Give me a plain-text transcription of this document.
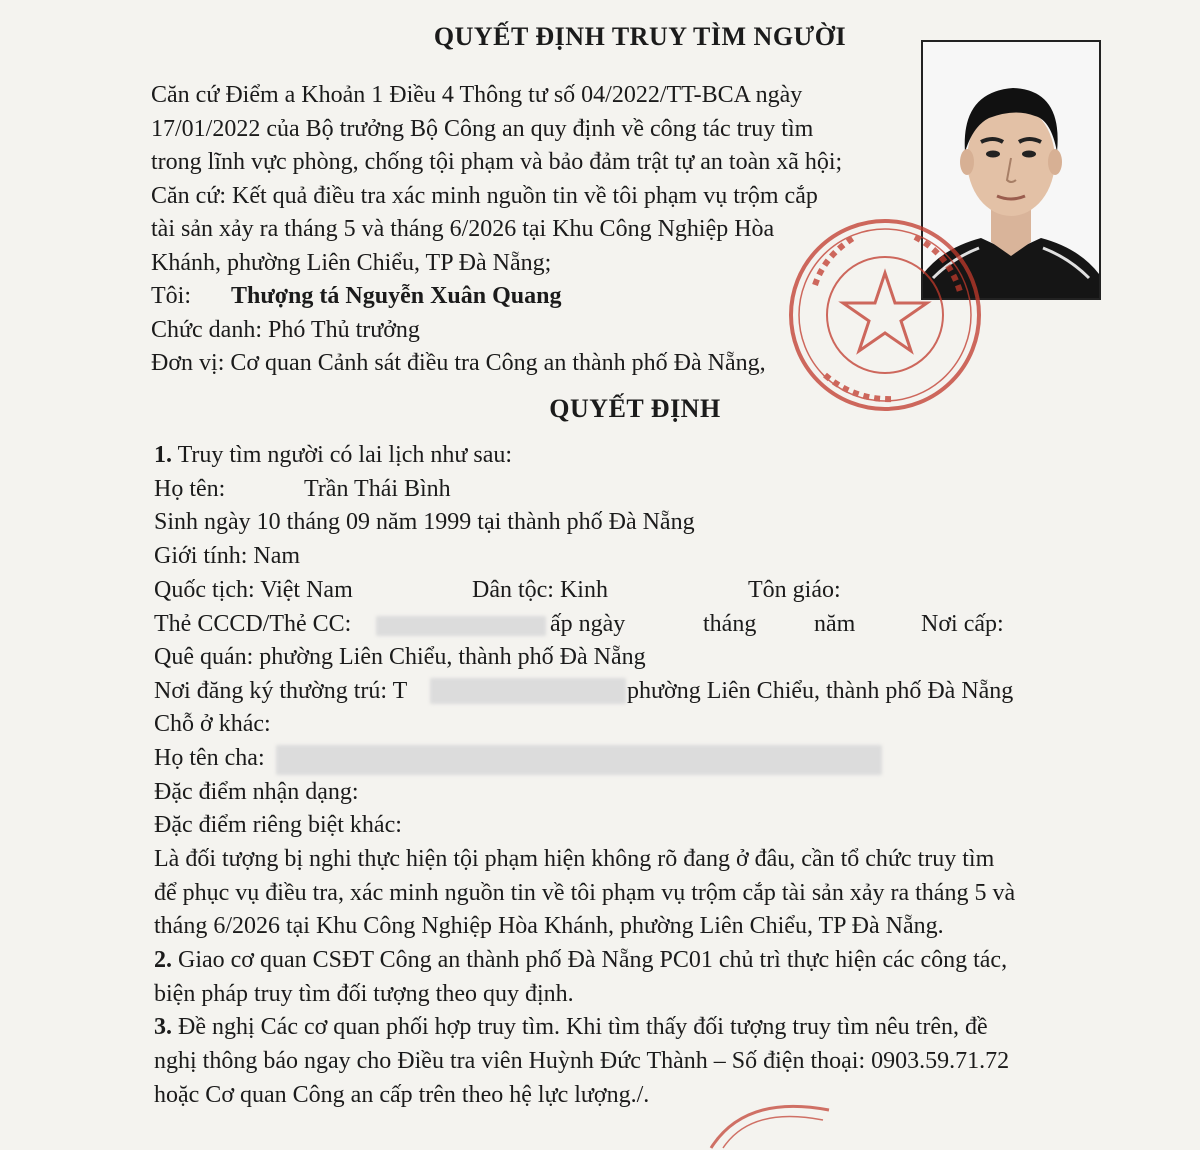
QUYẾT ĐỊNH TRUY TÌM NGƯỜI
Căn cứ Điểm a Khoản 1 Điều 4 Thông tư số 04/2022/TT-BCA ngày
17/01/2022 của Bộ trưởng Bộ Công an quy định về công tác truy tìm
trong lĩnh vực phòng, chống tội phạm và bảo đảm trật tự an toàn xã hội;
Căn cứ: Kết quả điều tra xác minh nguồn tin về tôi phạm vụ trộm cắp
tài sản xảy ra tháng 5 và tháng 6/2026 tại Khu Công Nghiệp Hòa
Khánh, phường Liên Chiểu, TP Đà Nẵng;
Tôi: Thượng tá Nguyễn Xuân Quang
Chức danh: Phó Thủ trưởng
Đơn vị: Cơ quan Cảnh sát điều tra Công an thành phố Đà Nẵng,
QUYẾT ĐỊNH
1. Truy tìm người có lai lịch như sau:
Họ tên:	Trần Thái Bình
Sinh ngày 10 tháng 09 năm 1999 tại thành phố Đà Nẵng
Giới tính: Nam
Quốc tịch: Việt Nam	Dân tộc: Kinh	Tôn giáo:
Thẻ CCCD/Thẻ CC:	ấp ngày	tháng năm	Nơi cấp:
Quê quán: phường Liên Chiểu, thành phố Đà Nẵng
Nơi đăng ký thường trú: T	phường Liên Chiểu, thành phố Đà Nẵng
Chỗ ở khác:
Họ tên cha:
Đặc điểm nhận dạng:
Đặc điểm riêng biệt khác:
Là đối tượng bị nghi thực hiện tội phạm hiện không rõ đang ở đâu, cần tổ chức truy tìm
để phục vụ điều tra, xác minh nguồn tin về tôi phạm vụ trộm cắp tài sản xảy ra tháng 5 và
tháng 6/2026 tại Khu Công Nghiệp Hòa Khánh, phường Liên Chiểu, TP Đà Nẵng.
2. Giao cơ quan CSĐT Công an thành phố Đà Nẵng PC01 chủ trì thực hiện các công tác,
biện pháp truy tìm đối tượng theo quy định.
3. Đề nghị Các cơ quan phối hợp truy tìm. Khi tìm thấy đối tượng truy tìm nêu trên, đề
nghị thông báo ngay cho Điều tra viên Huỳnh Đức Thành – Số điện thoại: 0903.59.71.72
hoặc Cơ quan Công an cấp trên theo hệ lực lượng./.
